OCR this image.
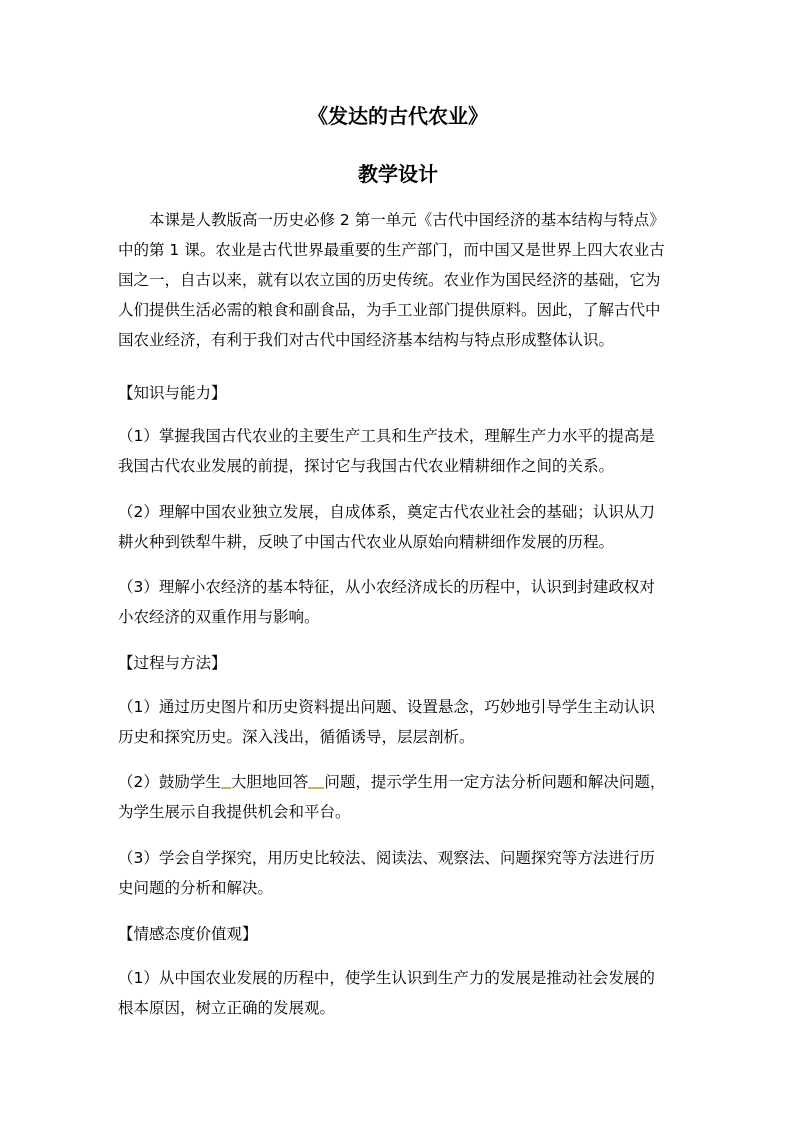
《发达的古代农业》
教学设计
本课是人教版高一历史必修 2 第一单元《古代中国经济的基本结构与特点》
中的第 1 课。农业是古代世界最重要的生产部门，而中国又是世界上四大农业古
国之一，自古以来，就有以农立国的历史传统。农业作为国民经济的基础，它为
人们提供生活必需的粮食和副食品，为手工业部门提供原料。因此，了解古代中
国农业经济，有利于我们对古代中国经济基本结构与特点形成整体认识。
【知识与能力】
（1）掌握我国古代农业的主要生产工具和生产技术，理解生产力水平的提高是
我国古代农业发展的前提，探讨它与我国古代农业精耕细作之间的关系。
（2）理解中国农业独立发展，自成体系，奠定古代农业社会的基础；认识从刀
耕火种到铁犁牛耕，反映了中国古代农业从原始向精耕细作发展的历程。
（3）理解小农经济的基本特征，从小农经济成长的历程中，认识到封建政权对
小农经济的双重作用与影响。
【过程与方法】
（1）通过历史图片和历史资料提出问题、设置悬念，巧妙地引导学生主动认识
历史和探究历史。深入浅出，循循诱导，层层剖析。
（2）鼓励学生 大胆地回答 问题，提示学生用一定方法分析问题和解决问题，
为学生展示自我提供机会和平台。
（3）学会自学探究，用历史比较法、阅读法、观察法、问题探究等方法进行历
史问题的分析和解决。
【情感态度价值观】
（1）从中国农业发展的历程中，使学生认识到生产力的发展是推动社会发展的
根本原因，树立正确的发展观。
